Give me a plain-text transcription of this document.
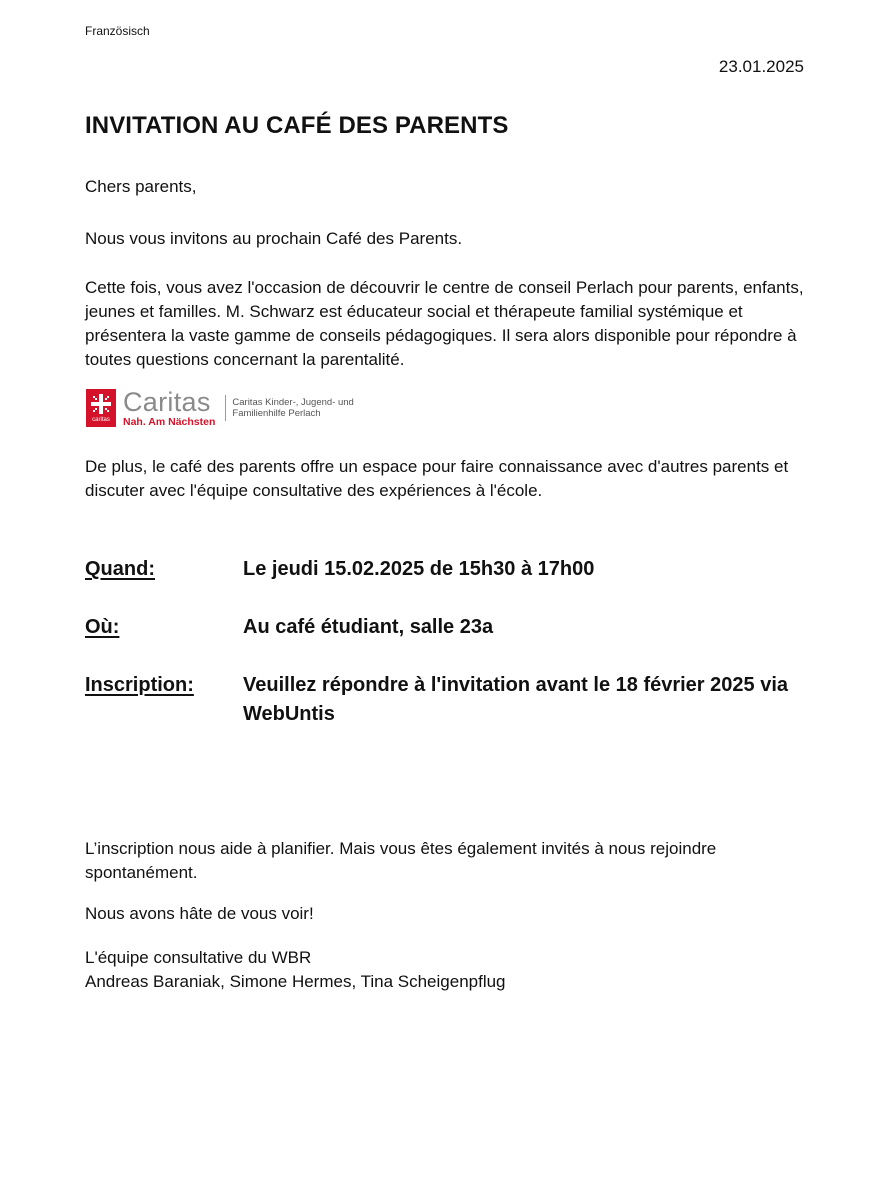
Französisch
23.01.2025
INVITATION AU CAFÉ DES PARENTS

Chers parents,

Nous vous invitons au prochain Café des Parents.

Cette fois, vous avez l'occasion de découvrir le centre de conseil Perlach pour parents, enfants, jeunes et familles. M. Schwarz est éducateur social et thérapeute familial systémique et présentera la vaste gamme de conseils pédagogiques. Il sera alors disponible pour répondre à toutes questions concernant la parentalité.

caritas
Caritas
Nah. Am Nächsten
Caritas Kinder-, Jugend- und
Familienhilfe Perlach

De plus, le café des parents offre un espace pour faire connaissance avec d'autres parents et discuter avec l'équipe consultative des expériences à l'école.

Quand:	Le jeudi 15.02.2025 de 15h30 à 17h00
Où:	Au café étudiant, salle 23a
Inscription: Veuillez répondre à l'invitation avant le 18 février 2025 via WebUntis

L’inscription nous aide à planifier. Mais vous êtes également invités à nous rejoindre spontanément.

Nous avons hâte de vous voir!

L'équipe consultative du WBR
Andreas Baraniak, Simone Hermes, Tina Scheigenpflug
